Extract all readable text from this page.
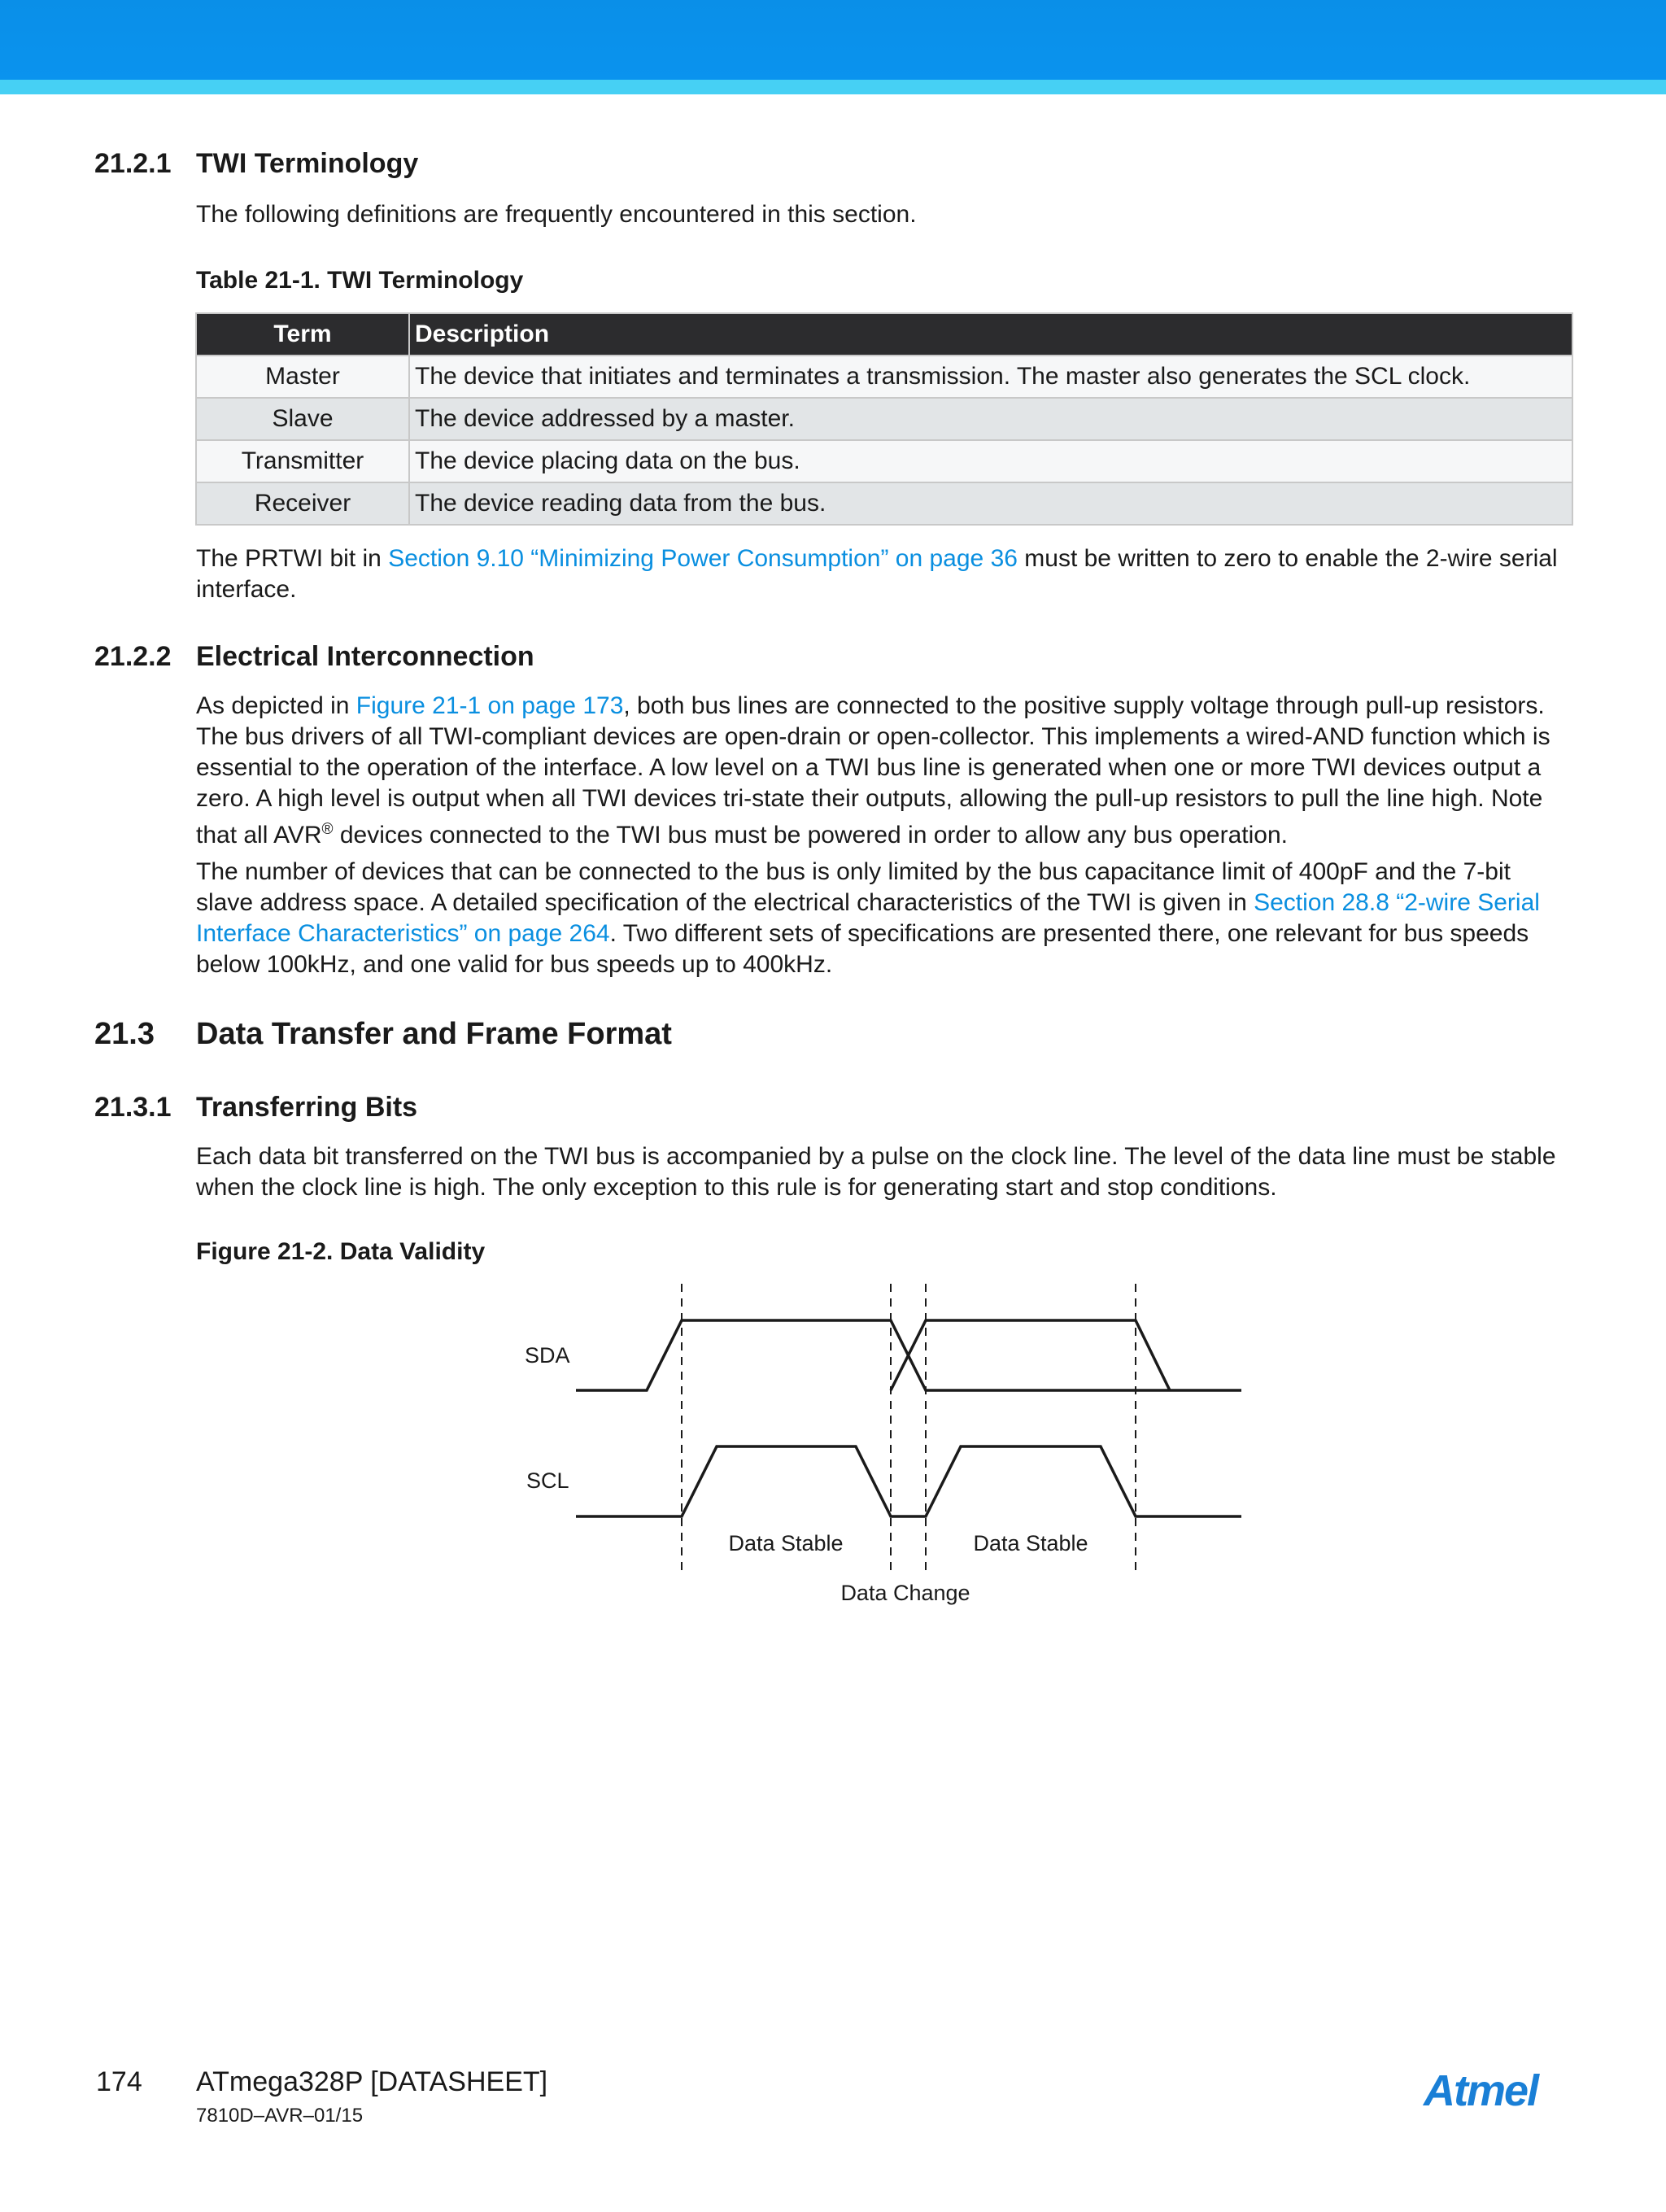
21.2.1 TWI Terminology
The following definitions are frequently encountered in this section.
Table 21-1. TWI Terminology
Term	Description
Master	The device that initiates and terminates a transmission. The master also generates the SCL clock.
Slave	The device addressed by a master.
Transmitter	The device placing data on the bus.
Receiver	The device reading data from the bus.
The PRTWI bit in Section 9.10 “Minimizing Power Consumption” on page 36 must be written to zero to enable the 2-wire serial interface.
21.2.2 Electrical Interconnection
As depicted in Figure 21-1 on page 173, both bus lines are connected to the positive supply voltage through pull-up resistors. The bus drivers of all TWI-compliant devices are open-drain or open-collector. This implements a wired-AND function which is essential to the operation of the interface. A low level on a TWI bus line is generated when one or more TWI devices output a zero. A high level is output when all TWI devices tri-state their outputs, allowing the pull-up resistors to pull the line high. Note that all AVR® devices connected to the TWI bus must be powered in order to allow any bus operation.
The number of devices that can be connected to the bus is only limited by the bus capacitance limit of 400pF and the 7-bit slave address space. A detailed specification of the electrical characteristics of the TWI is given in Section 28.8 “2-wire Serial Interface Characteristics” on page 264. Two different sets of specifications are presented there, one relevant for bus speeds below 100kHz, and one valid for bus speeds up to 400kHz.
21.3 Data Transfer and Frame Format
21.3.1 Transferring Bits
Each data bit transferred on the TWI bus is accompanied by a pulse on the clock line. The level of the data line must be stable when the clock line is high. The only exception to this rule is for generating start and stop conditions.
Figure 21-2. Data Validity
SDA
SCL
Data Stable	Data Stable
Data Change
174 ATmega328P [DATASHEET]
7810D–AVR–01/15
Atmel
